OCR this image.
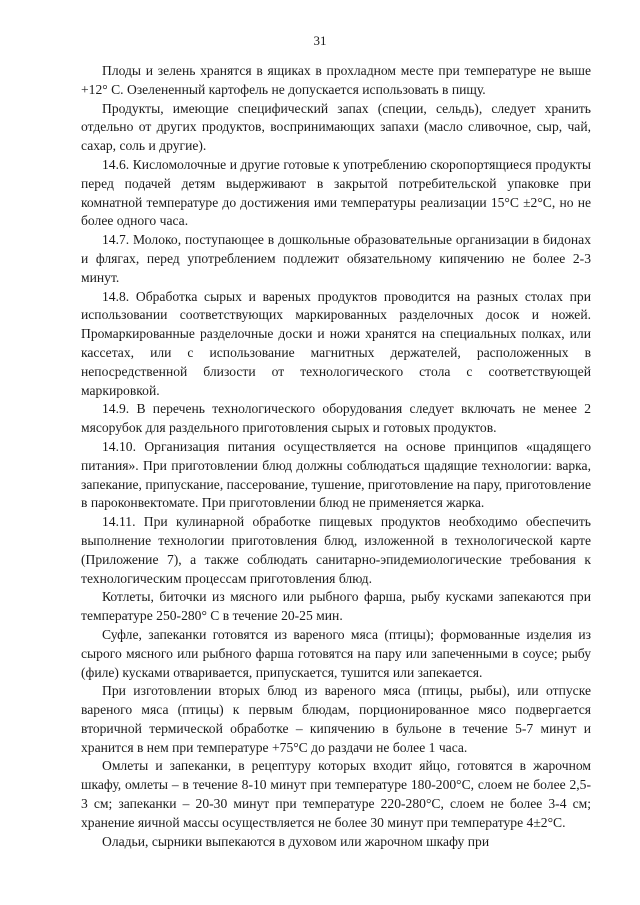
31

Плоды и зелень хранятся в ящиках в прохладном месте при температуре не выше +12° С. Озелененный картофель не допускается использовать в пищу.

Продукты, имеющие специфический запах (специи, сельдь), следует хранить отдельно от других продуктов, воспринимающих запахи (масло сливочное, сыр, чай, сахар, соль и другие).

14.6. Кисломолочные и другие готовые к употреблению скоропортящиеся продукты перед подачей детям выдерживают в закрытой потребительской упаковке при комнатной температуре до достижения ими температуры реализации 15°С ±2°С, но не более одного часа.

14.7. Молоко, поступающее в дошкольные образовательные организации в бидонах и флягах, перед употреблением подлежит обязательному кипячению не более 2-3 минут.

14.8. Обработка сырых и вареных продуктов проводится на разных столах при использовании соответствующих маркированных разделочных досок и ножей. Промаркированные разделочные доски и ножи хранятся на специальных полках, или кассетах, или с использование магнитных держателей, расположенных в непосредственной близости от технологического стола с соответствующей маркировкой.

14.9. В перечень технологического оборудования следует включать не менее 2 мясорубок для раздельного приготовления сырых и готовых продуктов.

14.10. Организация питания осуществляется на основе принципов «щадящего питания». При приготовлении блюд должны соблюдаться щадящие технологии: варка, запекание, припускание, пассерование, тушение, приготовление на пару, приготовление в пароконвектомате. При приготовлении блюд не применяется жарка.

14.11. При кулинарной обработке пищевых продуктов необходимо обеспечить выполнение технологии приготовления блюд, изложенной в технологической карте (Приложение 7), а также соблюдать санитарно-эпидемиологические требования к технологическим процессам приготовления блюд.

Котлеты, биточки из мясного или рыбного фарша, рыбу кусками запекаются при температуре 250-280° С в течение 20-25 мин.

Суфле, запеканки готовятся из вареного мяса (птицы); формованные изделия из сырого мясного или рыбного фарша готовятся на пару или запеченными в соусе; рыбу (филе) кусками отваривается, припускается, тушится или запекается.

При изготовлении вторых блюд из вареного мяса (птицы, рыбы), или отпуске вареного мяса (птицы) к первым блюдам, порционированное мясо подвергается вторичной термической обработке – кипячению в бульоне в течение 5-7 минут и хранится в нем при температуре +75°С до раздачи не более 1 часа.

Омлеты и запеканки, в рецептуру которых входит яйцо, готовятся в жарочном шкафу, омлеты – в течение 8-10 минут при температуре 180-200°С, слоем не более 2,5-3 см; запеканки – 20-30 минут при температуре 220-280°С, слоем не более 3-4 см; хранение яичной массы осуществляется не более 30 минут при температуре 4±2°С.

Оладьи, сырники выпекаются в духовом или жарочном шкафу при
